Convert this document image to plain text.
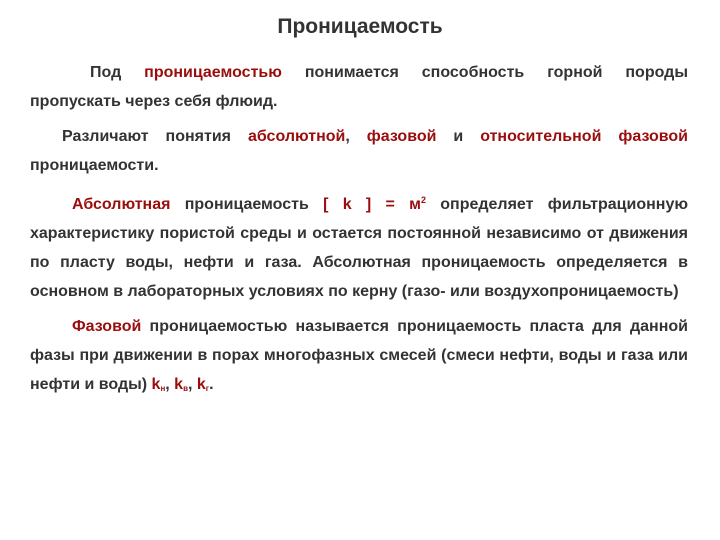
Проницаемость

Под проницаемостью понимается способность горной породы пропускать через себя флюид.

Различают понятия абсолютной, фазовой и относительной фазовой проницаемости.

Абсолютная проницаемость [ k ] = $м^2$ определяет фильтрационную характеристику пористой среды и остается постоянной независимо от движения по пласту воды, нефти и газа. Абсолютная проницаемость определяется в основном в лабораторных условиях по керну (газо- или воздухопроницаемость)

Фазовой проницаемостью называется проницаемость пласта для данной фазы при движении в порах многофазных смесей (смеси нефти, воды и газа или нефти и воды) $k_н$, $k_в$, $k_г$.
